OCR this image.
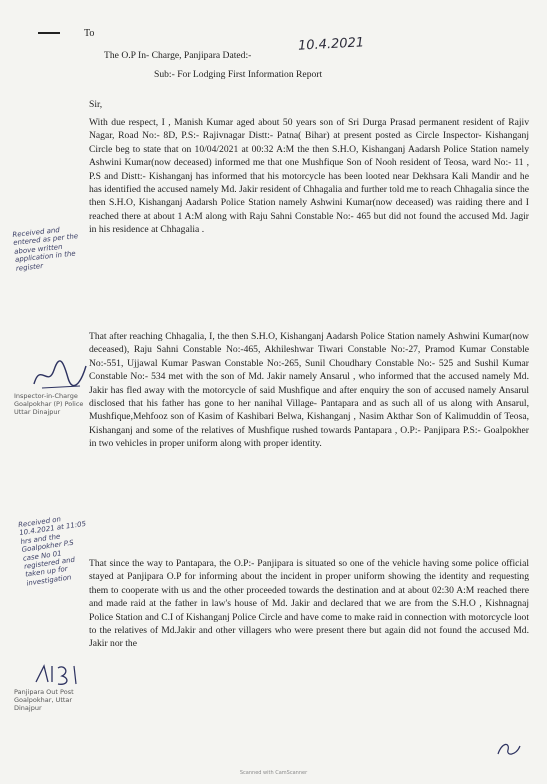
To
The O.P In- Charge, Panjipara Dated:-
10.4.2021
Sub:- For Lodging First Information Report
Sir,

With due respect, I , Manish Kumar aged about 50 years son of Sri Durga Prasad permanent resident of Rajiv Nagar, Road No:- 8D, P.S:- Rajivnagar Distt:- Patna( Bihar) at present posted as Circle Inspector- Kishanganj Circle beg to state that on 10/04/2021 at 00:32 A:M the then S.H.O, Kishanganj Aadarsh Police Station namely Ashwini Kumar(now deceased) informed me that one Mushfique Son of Nooh resident of Teosa, ward No:- 11 , P.S and Distt:- Kishanganj has informed that his motorcycle has been looted near Dekhsara Kali Mandir and he has identified the accused namely Md. Jakir resident of Chhagalia and further told me to reach Chhagalia since the then S.H.O, Kishanganj Aadarsh Police Station namely Ashwini Kumar(now deceased) was raiding there and I reached there at about 1 A:M along with Raju Sahni Constable No:- 465 but did not found the accused Md. Jagir in his residence at Chhagalia .

That after reaching Chhagalia, I, the then S.H.O, Kishanganj Aadarsh Police Station namely Ashwini Kumar(now deceased), Raju Sahni Constable No:-465, Akhileshwar Tiwari Constable No:-27, Pramod Kumar Constable No:-551, Ujjawal Kumar Paswan Constable No:-265, Sunil Choudhary Constable No:- 525 and Sushil Kumar Constable No:- 534 met with the son of Md. Jakir namely Ansarul , who informed that the accused namely Md. Jakir has fled away with the motorcycle of said Mushfique and after enquiry the son of accused namely Ansarul disclosed that his father has gone to her nanihal Village- Pantapara and as such all of us along with Ansarul, Mushfique,Mehfooz son of Kasim of Kashibari Belwa, Kishanganj , Nasim Akthar Son of Kalimuddin of Teosa, Kishanganj and some of the relatives of Mushfique rushed towards Pantapara , O.P:- Panjipara P.S:- Goalpokher in two vehicles in proper uniform along with proper identity.

That since the way to Pantapara, the O.P:- Panjipara is situated so one of the vehicle having some police official stayed at Panjipara O.P for informing about the incident in proper uniform showing the identity and requesting them to cooperate with us and the other proceeded towards the destination and at about 02:30 A:M reached there and made raid at the father in law's house of Md. Jakir and declared that we are from the S.H.O , Kishnagnaj Police Station and C.I of Kishanganj Police Circle and have come to make raid in connection with motorcycle loot to the relatives of Md.Jakir and other villagers who were present there but again did not found the accused Md. Jakir nor the

Received and entered as per the above written application in the register
Received on 10.4.2021 at 11:05 hrs and the Goalpokher P.S case No 01 registered and taken up for investigation
Inspector-in-Charge
Goalpokhar (P) Police
Uttar Dinajpur
Panjipara Out Post
Goalpokhar, Uttar Dinajpur
Scanned with CamScanner
